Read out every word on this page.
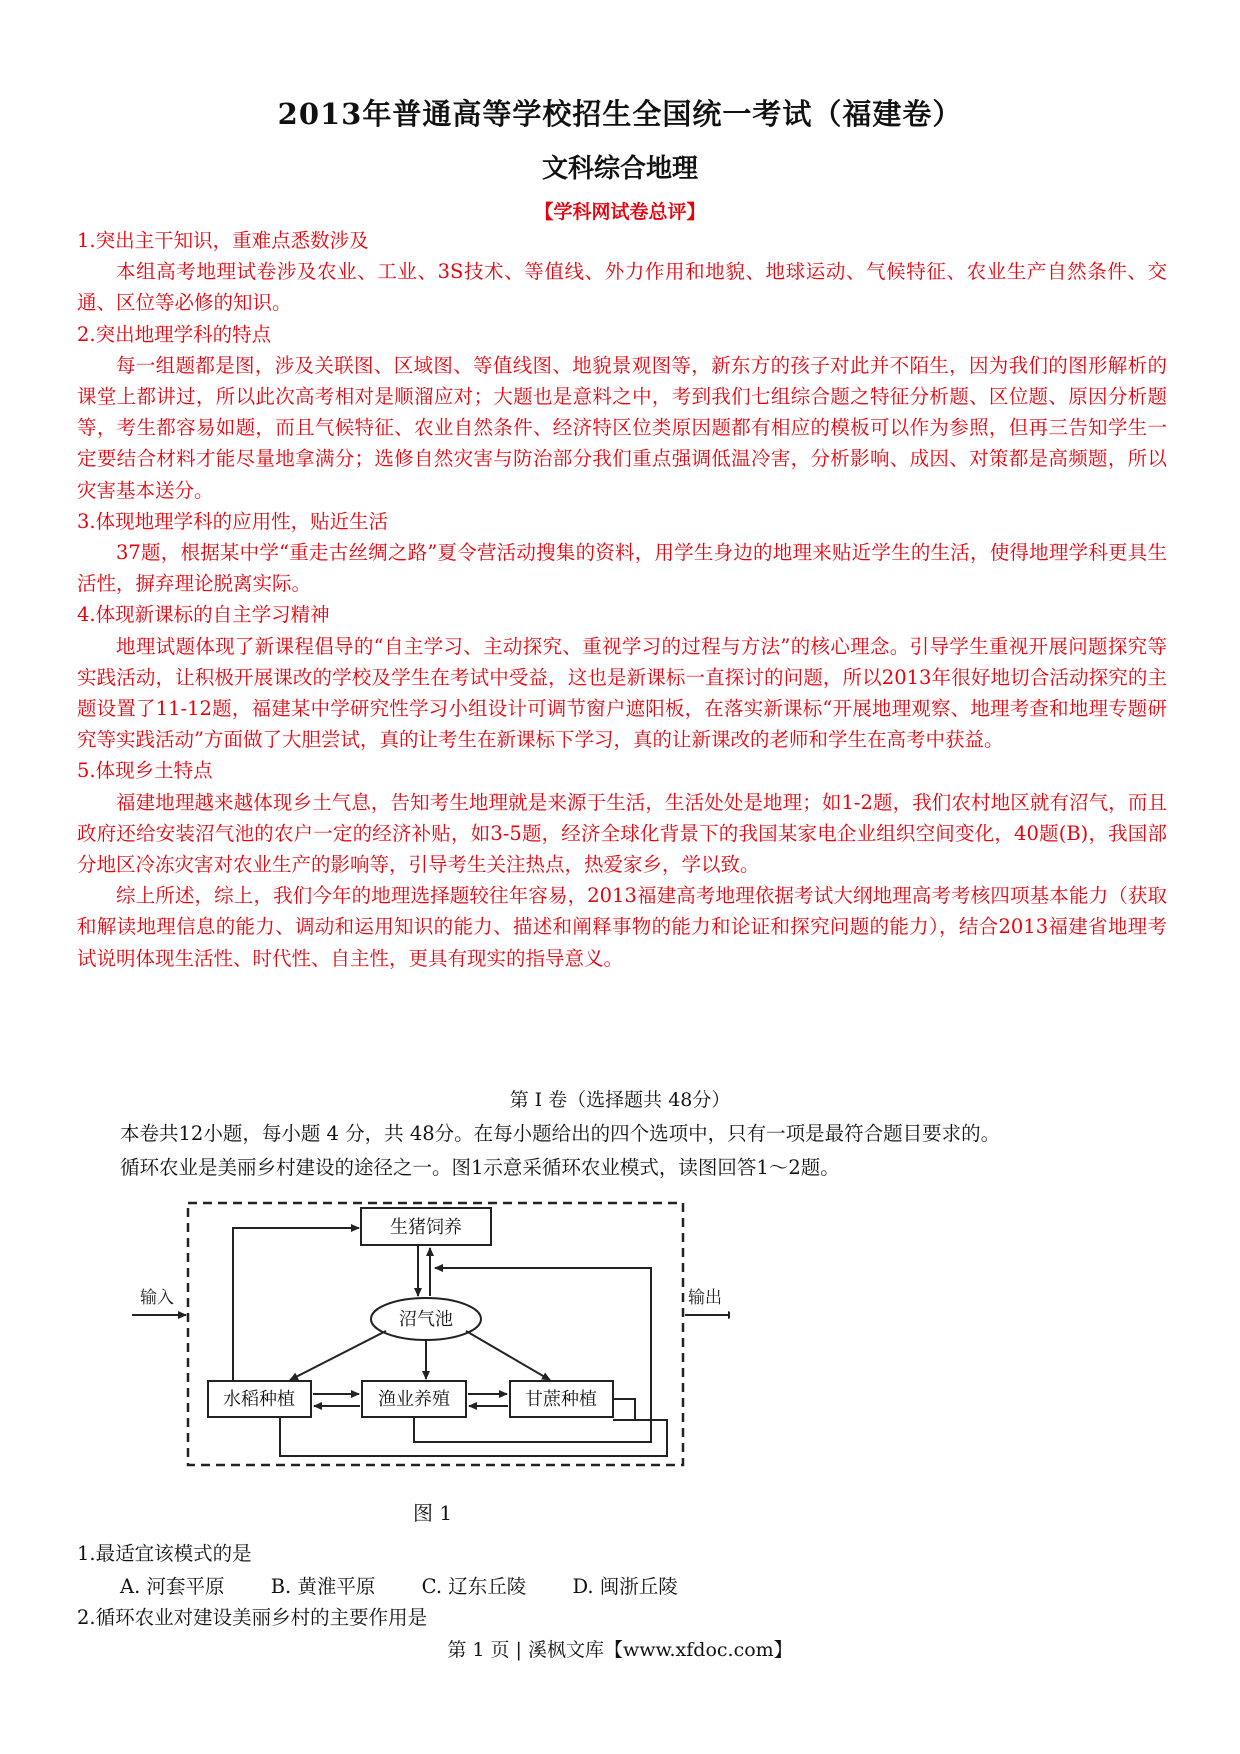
2013年普通高等学校招生全国统一考试（福建卷）
文科综合地理
【学科网试卷总评】

1.突出主干知识，重难点悉数涉及

本组高考地理试卷涉及农业、工业、3S技术、等值线、外力作用和地貌、地球运动、气候特征、农业生产自然条件、交通、区位等必修的知识。

2.突出地理学科的特点

每一组题都是图，涉及关联图、区域图、等值线图、地貌景观图等，新东方的孩子对此并不陌生，因为我们的图形解析的课堂上都讲过，所以此次高考相对是顺溜应对；大题也是意料之中，考到我们七组综合题之特征分析题、区位题、原因分析题等，考生都容易如题，而且气候特征、农业自然条件、经济特区位类原因题都有相应的模板可以作为参照，但再三告知学生一定要结合材料才能尽量地拿满分；选修自然灾害与防治部分我们重点强调低温冷害，分析影响、成因、对策都是高频题，所以灾害基本送分。

3.体现地理学科的应用性，贴近生活

37题，根据某中学“重走古丝绸之路”夏令营活动搜集的资料，用学生身边的地理来贴近学生的生活，使得地理学科更具生活性，摒弃理论脱离实际。

4.体现新课标的自主学习精神

地理试题体现了新课程倡导的“自主学习、主动探究、重视学习的过程与方法”的核心理念。引导学生重视开展问题探究等实践活动，让积极开展课改的学校及学生在考试中受益，这也是新课标一直探讨的问题，所以2013年很好地切合活动探究的主题设置了11-12题，福建某中学研究性学习小组设计可调节窗户遮阳板，在落实新课标“开展地理观察、地理考查和地理专题研究等实践活动”方面做了大胆尝试，真的让考生在新课标下学习，真的让新课改的老师和学生在高考中获益。

5.体现乡土特点

福建地理越来越体现乡土气息，告知考生地理就是来源于生活，生活处处是地理；如1-2题，我们农村地区就有沼气，而且政府还给安装沼气池的农户一定的经济补贴，如3-5题，经济全球化背景下的我国某家电企业组织空间变化，40题(B)，我国部分地区冷冻灾害对农业生产的影响等，引导考生关注热点，热爱家乡，学以致。

综上所述，综上，我们今年的地理选择题较往年容易，2013福建高考地理依据考试大纲地理高考考核四项基本能力（获取和解读地理信息的能力、调动和运用知识的能力、描述和阐释事物的能力和论证和探究问题的能力），结合2013福建省地理考试说明体现生活性、时代性、自主性，更具有现实的指导意义。

第 I 卷（选择题共 48分）
本卷共12小题，每小题 4 分，共 48分。在每小题给出的四个选项中，只有一项是最符合题目要求的。
循环农业是美丽乡村建设的途径之一。图1示意采循环农业模式，读图回答1～2题。
输入	输出
生猪饲养
沼气池
水稻种植	渔业养殖	甘蔗种植
图 1
1.最适宜该模式的是
A. 河套平原 B. 黄淮平原 C. 辽东丘陵 D. 闽浙丘陵
2.循环农业对建设美丽乡村的主要作用是
第 1 页 | 溪枫文库【www.xfdoc.com】
